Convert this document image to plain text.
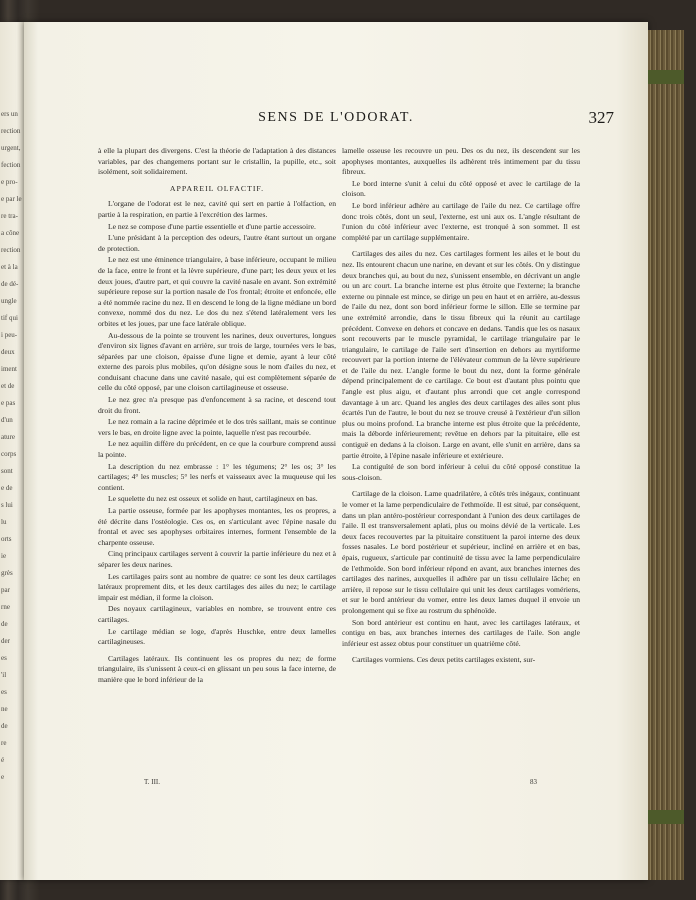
ers un
rection
urgent,
fection
e pro-
e par le
re tra-
a cône
rection
et à la
de dé-
ungle
tif qui
i peu-
deux
iment
et de
e pas
d'un
ature
corps
sont
e de
s lui
lu
orts
ie
grès
par
rne
de
der
es
'il
es
ne
de
re
é
e
SENS DE L'ODORAT.	327

à elle la plupart des divergens. C'est la théorie de l'adaptation à des distances variables, par des changemens portant sur le cristallin, la pupille, etc., soit isolément, soit solidairement.

APPAREIL OLFACTIF.

L'organe de l'odorat est le nez, cavité qui sert en partie à l'olfaction, en partie à la respiration, en partie à l'excrétion des larmes.

Le nez se compose d'une partie essentielle et d'une partie accessoire.

L'une présidant à la perception des odeurs, l'autre étant surtout un organe de protection.

Le nez est une éminence triangulaire, à base inférieure, occupant le milieu de la face, entre le front et la lèvre supérieure, d'une part; les deux yeux et les deux joues, d'autre part, et qui couvre la cavité nasale en avant. Son extrémité supérieure repose sur la portion nasale de l'os frontal; étroite et enfoncée, elle a été nommée racine du nez. Il en descend le long de la ligne médiane un bord convexe, nommé dos du nez. Le dos du nez s'étend latéralement vers les orbites et les joues, par une face latérale oblique.

Au-dessous de la pointe se trouvent les narines, deux ouvertures, longues d'environ six lignes d'avant en arrière, sur trois de large, tournées vers le bas, séparées par une cloison, épaisse d'une ligne et demie, ayant à leur côté externe des parois plus mobiles, qu'on désigne sous le nom d'ailes du nez, et conduisant chacune dans une cavité nasale, qui est complètement séparée de celle du côté opposé, par une cloison cartilagineuse et osseuse.

Le nez grec n'a presque pas d'enfoncement à sa racine, et descend tout droit du front.

Le nez romain a la racine déprimée et le dos très saillant, mais se continue vers le bas, en droite ligne avec la pointe, laquelle n'est pas recourbée.

Le nez aquilin diffère du précédent, en ce que la courbure comprend aussi la pointe.

La description du nez embrasse : 1° les tégumens; 2° les os; 3° les cartilages; 4° les muscles; 5° les nerfs et vaisseaux avec la muqueuse qui les contient.

Le squelette du nez est osseux et solide en haut, cartilagineux en bas.

La partie osseuse, formée par les apophyses montantes, les os propres, a été décrite dans l'ostéologie. Ces os, en s'articulant avec l'épine nasale du frontal et avec ses apophyses orbitaires internes, forment l'ensemble de la charpente osseuse.

Cinq principaux cartilages servent à couvrir la partie inférieure du nez et à séparer les deux narines.

Les cartilages pairs sont au nombre de quatre: ce sont les deux cartilages latéraux proprement dits, et les deux cartilages des ailes du nez; le cartilage impair est médian, il forme la cloison.

Des noyaux cartilagineux, variables en nombre, se trouvent entre ces cartilages.

Le cartilage médian se loge, d'après Huschke, entre deux lamelles cartilagineuses.

Cartilages latéraux. Ils continuent les os propres du nez; de forme triangulaire, ils s'unissent à ceux-ci en glissant un peu sous la face interne, de manière que le bord inférieur de la

lamelle osseuse les recouvre un peu. Des os du nez, ils descendent sur les apophyses montantes, auxquelles ils adhèrent très intimement par du tissu fibreux.

Le bord interne s'unit à celui du côté opposé et avec le cartilage de la cloison.

Le bord inférieur adhère au cartilage de l'aile du nez. Ce cartilage offre donc trois côtés, dont un seul, l'externe, est uni aux os. L'angle résultant de l'union du côté inférieur avec l'externe, est tronqué à son sommet. Il est complété par un cartilage supplémentaire.

Cartilages des ailes du nez. Ces cartilages forment les ailes et le bout du nez. Ils entourent chacun une narine, en devant et sur les côtés. On y distingue deux branches qui, au bout du nez, s'unissent ensemble, en décrivant un angle ou un arc court. La branche interne est plus étroite que l'externe; la branche externe ou pinnale est mince, se dirige un peu en haut et en arrière, au-dessus de l'aile du nez, dont son bord inférieur forme le sillon. Elle se termine par une extrémité arrondie, dans le tissu fibreux qui la réunit au cartilage précédent. Convexe en dehors et concave en dedans. Tandis que les os nasaux sont recouverts par le muscle pyramidal, le cartilage triangulaire par le triangulaire, le cartilage de l'aile sert d'insertion en dehors au myrtiforme recouvert par la portion interne de l'élévateur commun de la lèvre supérieure et de l'aile du nez. L'angle forme le bout du nez, dont la forme générale dépend principalement de ce cartilage. Ce bout est d'autant plus pointu que l'angle est plus aigu, et d'autant plus arrondi que cet angle correspond davantage à un arc. Quand les angles des deux cartilages des ailes sont plus écartés l'un de l'autre, le bout du nez se trouve creusé à l'extérieur d'un sillon plus ou moins profond. La branche interne est plus étroite que la précédente, mais la déborde inférieurement; revêtue en dehors par la pituitaire, elle est contiguë en dedans à la cloison. Large en avant, elle s'unit en arrière, dans sa partie étroite, à l'épine nasale inférieure et extérieure.

La contiguïté de son bord inférieur à celui du côté opposé constitue la sous-cloison.

Cartilage de la cloison. Lame quadrilatère, à côtés très inégaux, continuant le vomer et la lame perpendiculaire de l'ethmoïde. Il est situé, par conséquent, dans un plan antéro-postérieur correspondant à l'union des deux cartilages de l'aile. Il est transversalement aplati, plus ou moins dévié de la verticale. Les deux faces recouvertes par la pituitaire constituent la paroi interne des deux fosses nasales. Le bord postérieur et supérieur, incliné en arrière et en bas, épais, rugueux, s'articule par continuité de tissu avec la lame perpendiculaire de l'ethmoïde. Son bord inférieur répond en avant, aux branches internes des cartilages des narines, auxquelles il adhère par un tissu cellulaire lâche; en arrière, il repose sur le tissu cellulaire qui unit les deux cartilages vomériens, et sur le bord antérieur du vomer, entre les deux lames duquel il envoie un prolongement qui se fixe au rostrum du sphénoïde.

Son bord antérieur est continu en haut, avec les cartilages latéraux, et contigu en bas, aux branches internes des cartilages de l'aile. Son angle inférieur est assez obtus pour constituer un quatrième côté.

Cartilages vormiens. Ces deux petits cartilages existent, sur-

T. III.	83
